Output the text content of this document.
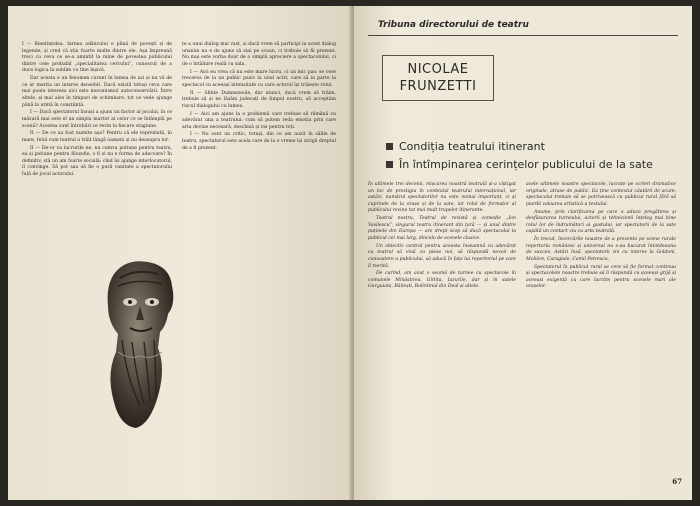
I — Binețințelea. Iarnea adâncului e plină de poveşti și de legende, și cred că știu foarte multe dintre ele. Așa împreună treci cu ceva ce se-a amintit la mine de povestea publicului dintre cele probabil „specialitatea cercului”, cunoscut de a duce logica la sublim cu tine înșivă.

Dar acesta e un fenomen curent în lumea de azi și nu vă de ce ar merita un interes deosebit. Dacă există totuși ceva care mai poate interesa aici este mecanismul autoconservării. Între altele, și mai ales în timpuri de schimbare, tot ce vede ajunge până la urmă în conștiință.

I — Dacă spectatorul însuși a ajuns un factor al jocului, în ce măsură mai este el un simplu martor al celor ce se întâmplă pe scenă? Acestea sunt întrebări ce revin la fiecare stagiune.

II — De ce au fost numite așa? Pentru că ele reprezintă, în mare, felul cum teatrul a trăit lângă oameni și nu deasupra lor.

II — De-or va lucrurile ne, nu cumva potiune pentru teatru, ea și potiune pentru filozofie, o fi și nu e forma de adecvare? În definitiv, stă un am foarte socială: cînd își ajunge interlocutorul, îl convinge. Să pot sau să fie o pură vanitate a spectatorului față de jocul actorului.

te a unui dialog mai vast, și dacă vrem să participi la acest dialog unanim nu e de ajuns să stai pe scaun, ci trebuie să fii prezent. Nu mai este vorba doar de o simplă apreciere a spectacolului, ci de o întâlnire reală cu sala.

I — Aici eu vrea că nu este mare lucru, ci un mic pas: se cere trecerea de la un public pasiv la unul activ, care să ia parte la spectacol cu aceeași intensitate cu care actorul își trăiește rolul.

II — Sfinte Dumnezeule, dar atunci, dacă vrem să trăim, trebuie să și ne lăsăm judecați de timpul nostru, să acceptăm riscul dialogului cu lumea.

I — Aici am ajuns la o problemă care trebuie să rămână cu adevărat una a teatrului: cum să putem reda emoția prin care arta devine necesară, deschisă și vie pentru toți.

I — Nu sunt un critic, totuși, din ce am auzit în sălile de teatru, spectatorul este acela care de la o vreme își strigă dreptul de a fi prezent.

Tribuna directorului de teatru
NICOLAE
FRUNZETTI
Condiția teatrului itinerant
În întîmpinarea cerințelor publicului de la sate

În ultimele trei decenii, mișcarea noastră teatrală și-a cîștigat un loc de prestigiu în contextul teatrului internațional, iar astăzi, numărul spectatorilor nu este numai important, ci și cuprinde de la orașe și de la sate, iar rolul de formator al publicului revine tot mai mult trupelor itinerante.

Teatrul nostru, Teatrul de revistă și comedie „Ion Vasilescu”, singurul teatru itinerant din țară — și unul dintre puținele din Europa — are drept scop să ducă spectacolul la publicul cel mai larg, dincolo de scenele clasice.

Un obiectiv central pentru aceasta înseamnă cu adevărat ca teatrul să vină cu piese noi, să răspundă nevoii de cunoaștere a publicului, să aducă în fața lui repertoriul pe care îl merită.

De curînd, am avut o seamă de turnee cu spectacole în comunele Mînăstirea, Gîrlita, Iazurile, dar și în satele Gurguiata, Băilești, Bolintinul din Deal și altele.

acele ultimele noastre spectacole, lucrate pe scrieri dramatice originale, atrase de public. Ea ține contextul căutării de acum: spectacolul trebuie să se potrivească cu publicul rural fără să piardă valoarea artistică a textului.

Anume, prin clarificarea pe care o aduce pregătirea și desfășurarea turneului, actorii și tehnicienii înțeleg mai bine rolul lor de îndrumători ai gustului, iar spectatorii de la sate capătă un contact viu cu arta teatrală.

În trecut, încercările noastre de a prezenta pe scene rurale repertoriu românesc și universal nu s-au bucurat întotdeauna de succes. Astăzi însă, spectatorii vin cu interes la Goldoni, Molière, Caragiale, Camil Petrescu.

Spectatorul în publicul rural se cere să fie format continuu și spectacolele noastre trebuie să îi răspundă cu aceeași grijă și aceeași exigență cu care lucrăm pentru scenele mari ale orașelor.

67
